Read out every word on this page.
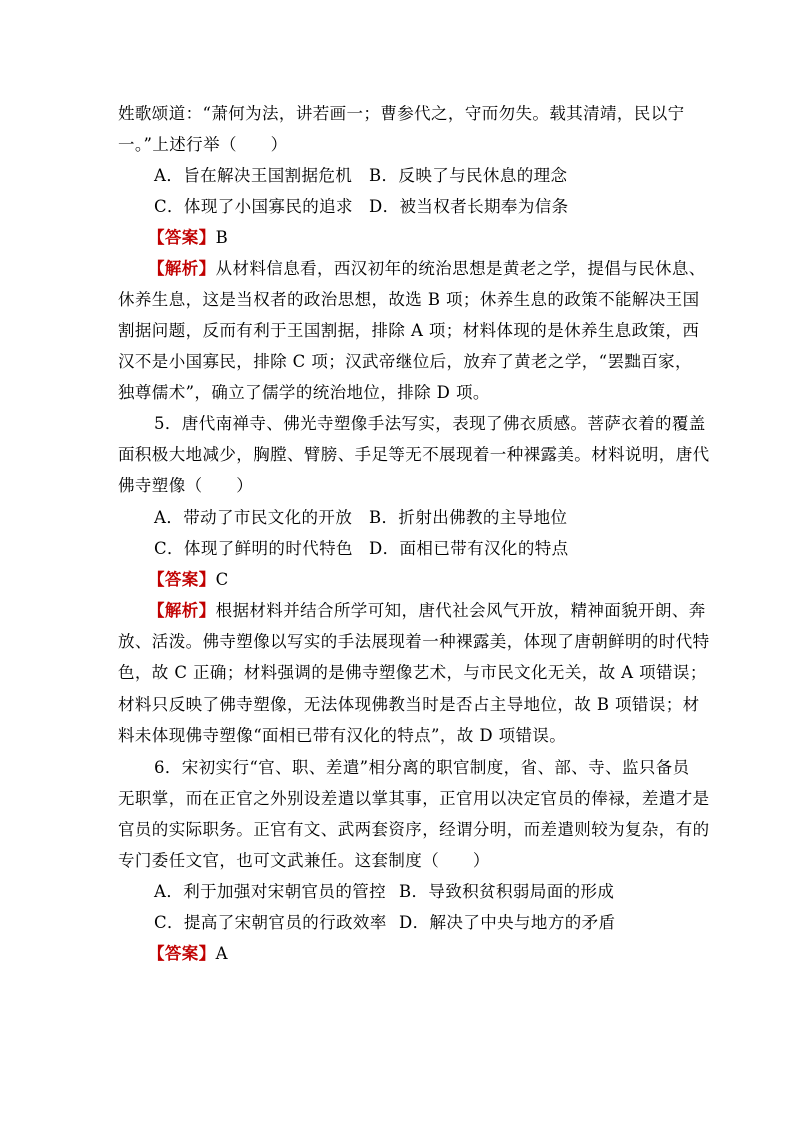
姓歌颂道：“萧何为法，讲若画一；曹参代之，守而勿失。载其清靖，民以宁
一。”上述行举（　　）
A．旨在解决王国割据危机 B．反映了与民休息的理念
C．体现了小国寡民的追求 D．被当权者长期奉为信条
【答案】B
【解析】从材料信息看，西汉初年的统治思想是黄老之学，提倡与民休息、
休养生息，这是当权者的政治思想，故选 B 项；休养生息的政策不能解决王国
割据问题，反而有利于王国割据，排除 A 项；材料体现的是休养生息政策，西
汉不是小国寡民，排除 C 项；汉武帝继位后，放弃了黄老之学，“罢黜百家，
独尊儒术”，确立了儒学的统治地位，排除 D 项。
5．唐代南禅寺、佛光寺塑像手法写实，表现了佛衣质感。菩萨衣着的覆盖
面积极大地减少，胸膛、臂膀、手足等无不展现着一种裸露美。材料说明，唐代
佛寺塑像（　　）
A．带动了市民文化的开放 B．折射出佛教的主导地位
C．体现了鲜明的时代特色 D．面相已带有汉化的特点
【答案】C
【解析】根据材料并结合所学可知，唐代社会风气开放，精神面貌开朗、奔
放、活泼。佛寺塑像以写实的手法展现着一种裸露美，体现了唐朝鲜明的时代特
色，故 C 正确；材料强调的是佛寺塑像艺术，与市民文化无关，故 A 项错误；
材料只反映了佛寺塑像，无法体现佛教当时是否占主导地位，故 B 项错误；材
料未体现佛寺塑像“面相已带有汉化的特点”，故 D 项错误。
6．宋初实行“官、职、差遣”相分离的职官制度，省、部、寺、监只备员
无职掌，而在正官之外别设差遣以掌其事，正官用以决定官员的俸禄，差遣才是
官员的实际职务。正官有文、武两套资序，经谓分明，而差遣则较为复杂，有的
专门委任文官，也可文武兼任。这套制度（　　）
A．利于加强对宋朝官员的管控 B．导致积贫积弱局面的形成
C．提高了宋朝官员的行政效率 D．解决了中央与地方的矛盾
【答案】A
